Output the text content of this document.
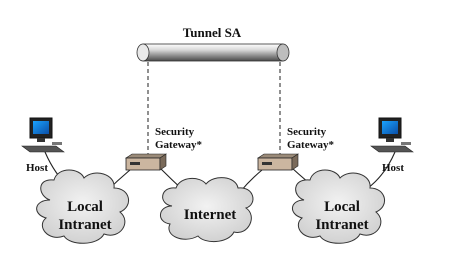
Tunnel SA
Local
Intranet
Internet	Local
Intranet
Host	Host
Security
Gateway*
Security
Gateway*
